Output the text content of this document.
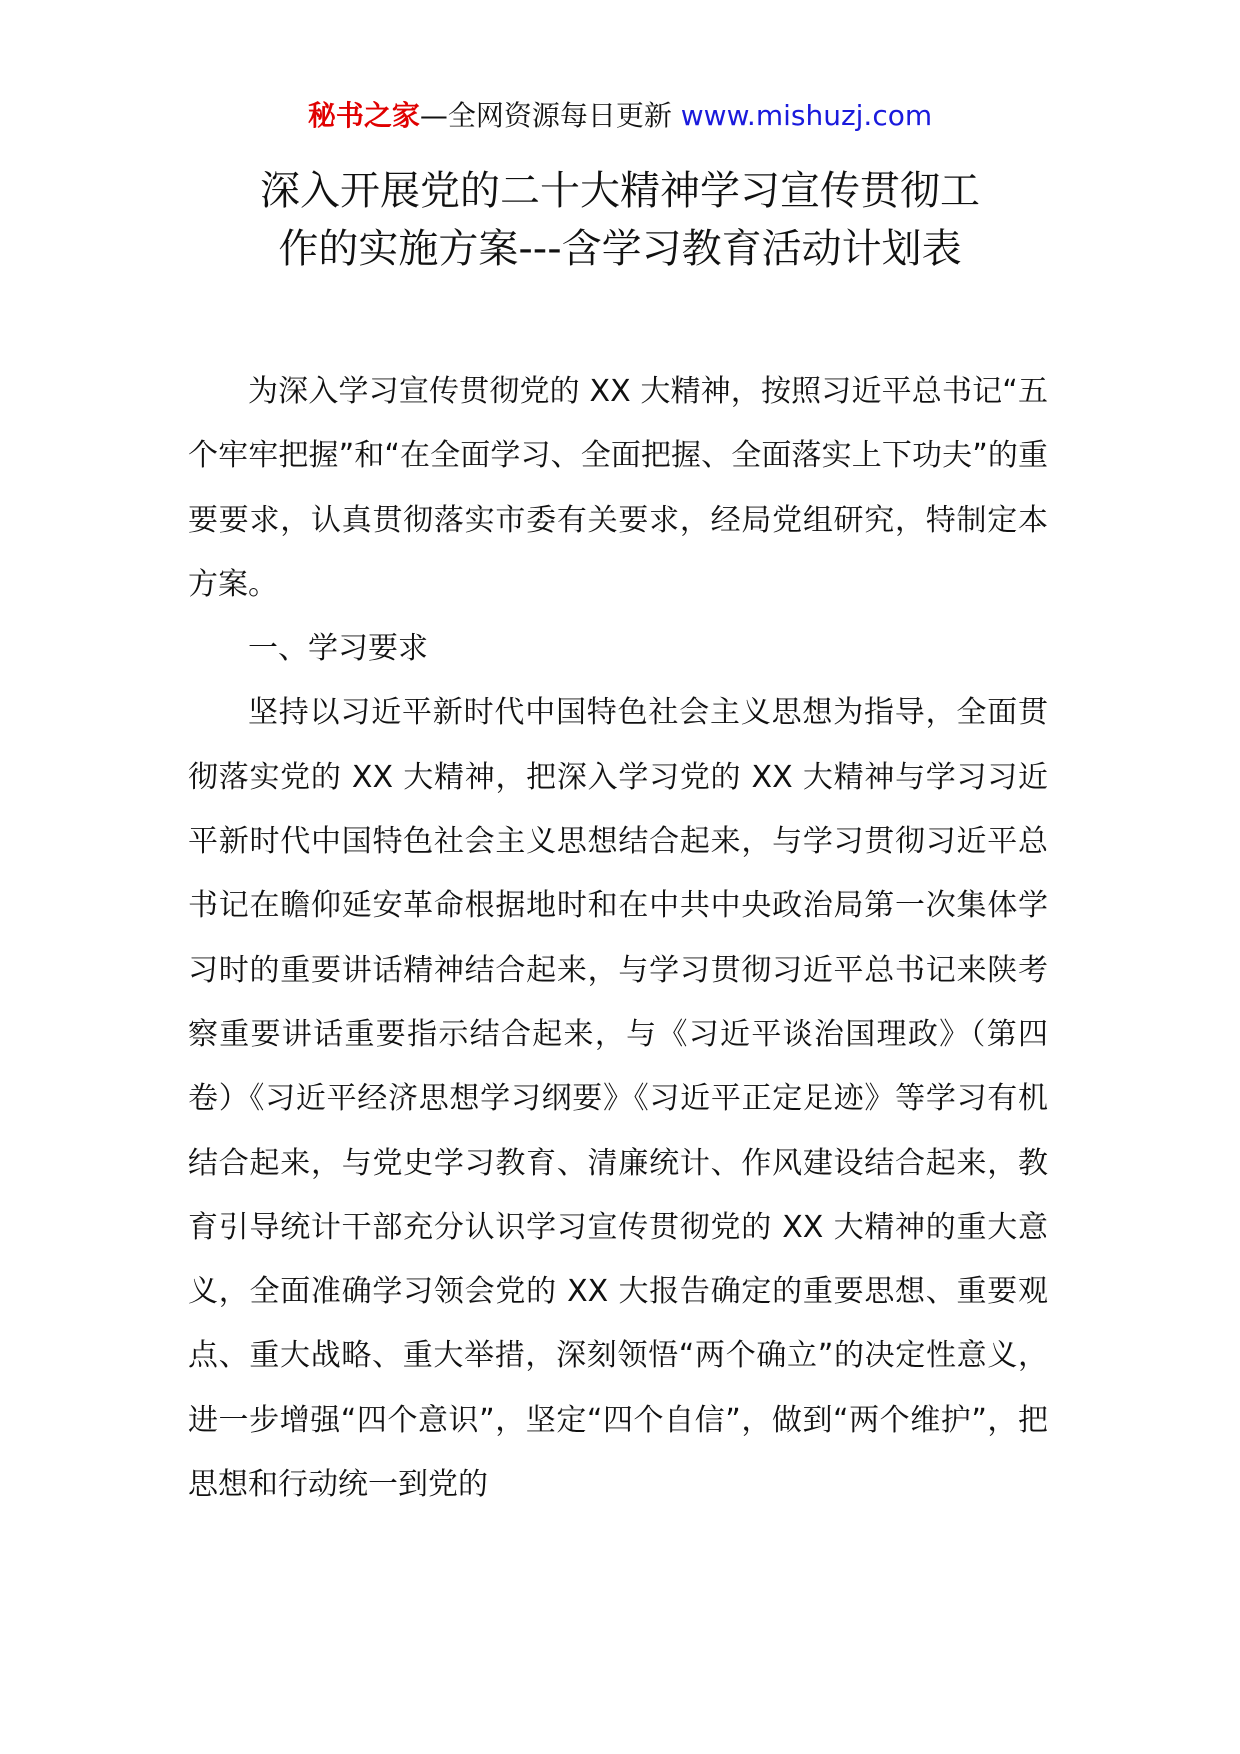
秘书之家—全网资源每日更新 www.mishuzj.com
深入开展党的二十大精神学习宣传贯彻工
作的实施方案---含学习教育活动计划表

为深入学习宣传贯彻党的 XX 大精神，按照习近平总书记“五个牢牢把握”和“在全面学习、全面把握、全面落实上下功夫”的重要要求，认真贯彻落实市委有关要求，经局党组研究，特制定本方案。

一、学习要求

坚持以习近平新时代中国特色社会主义思想为指导，全面贯彻落实党的 XX 大精神，把深入学习党的 XX 大精神与学习习近平新时代中国特色社会主义思想结合起来，与学习贯彻习近平总书记在瞻仰延安革命根据地时和在中共中央政治局第一次集体学习时的重要讲话精神结合起来，与学习贯彻习近平总书记来陕考察重要讲话重要指示结合起来，与《习近平谈治国理政》（第四卷）《习近平经济思想学习纲要》《习近平正定足迹》等学习有机结合起来，与党史学习教育、清廉统计、作风建设结合起来，教育引导统计干部充分认识学习宣传贯彻党的 XX 大精神的重大意义，全面准确学习领会党的 XX 大报告确定的重要思想、重要观点、重大战略、重大举措，深刻领悟“两个确立”的决定性意义，进一步增强“四个意识”，坚定“四个自信”，做到“两个维护”，把思想和行动统一到党的
